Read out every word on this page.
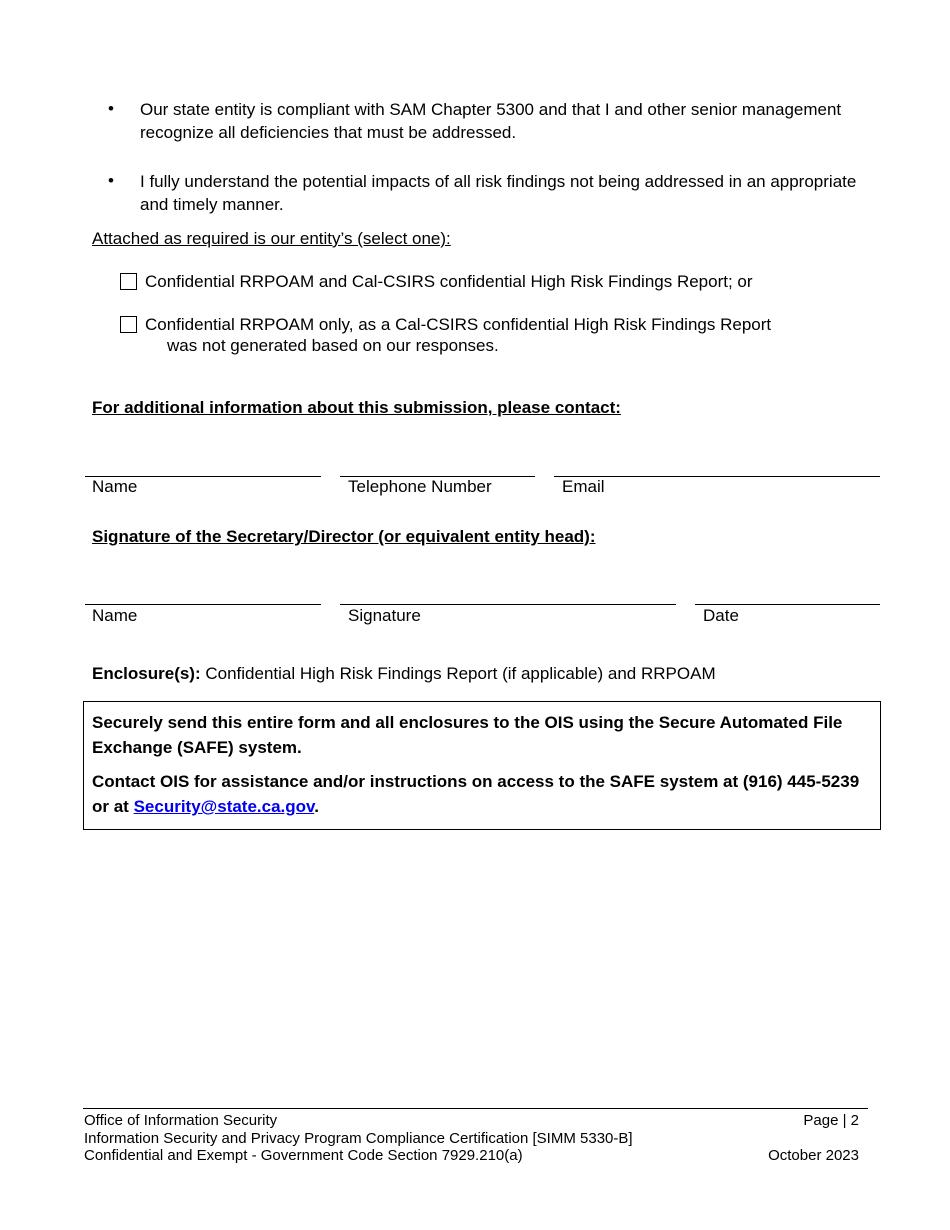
•	Our state entity is compliant with SAM Chapter 5300 and that I and other senior management recognize all deficiencies that must be addressed.
•	I fully understand the potential impacts of all risk findings not being addressed in an appropriate and timely manner.
Attached as required is our entity’s (select one):
Confidential RRPOAM and Cal-CSIRS confidential High Risk Findings Report; or
Confidential RRPOAM only, as a Cal-CSIRS confidential High Risk Findings Report
was not generated based on our responses.
For additional information about this submission, please contact:
Name	Telephone Number	Email
Signature of the Secretary/Director (or equivalent entity head):
Name	Signature	Date
Enclosure(s): Confidential High Risk Findings Report (if applicable) and RRPOAM

Securely send this entire form and all enclosures to the OIS using the Secure Automated File Exchange (SAFE) system.

Contact OIS for assistance and/or instructions on access to the SAFE system at (916) 445-5239 or at Security@state.ca.gov.

Office of Information Security
Information Security and Privacy Program Compliance Certification [SIMM 5330-B]
Confidential and Exempt - Government Code Section 7929.210(a)
Page | 2
October 2023
